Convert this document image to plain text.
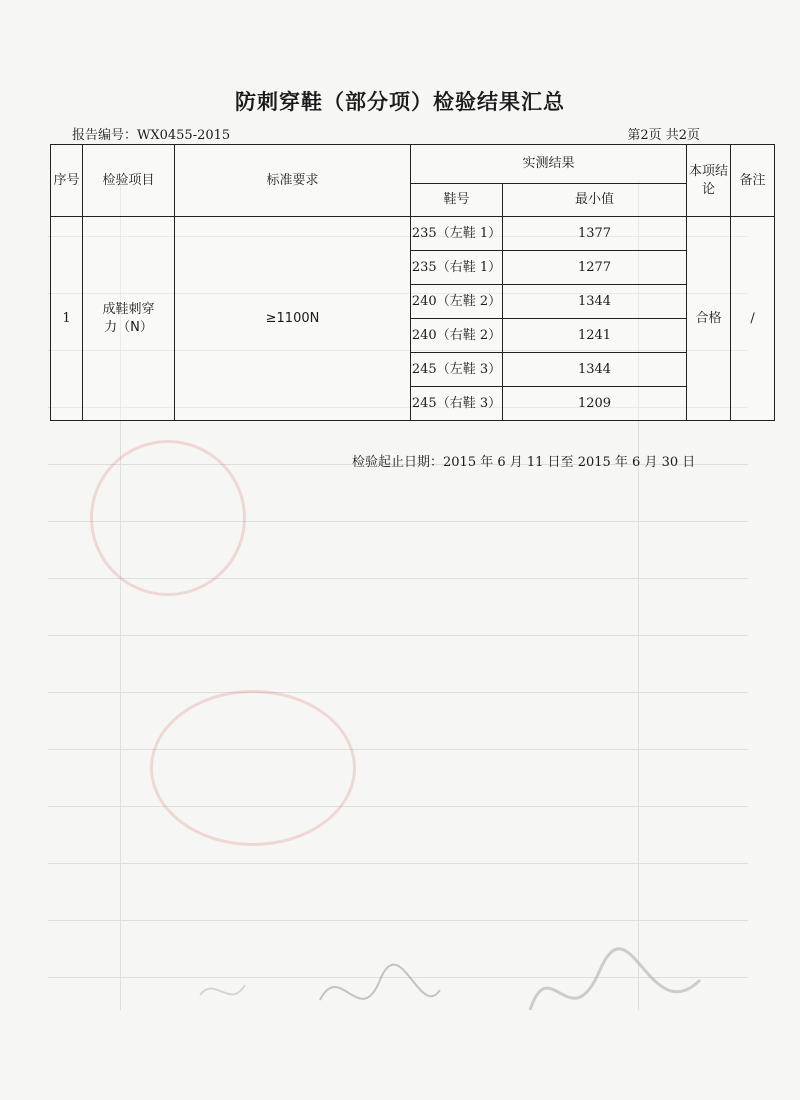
防刺穿鞋（部分项）检验结果汇总
报告编号：WX0455-2015	第2页 共2页
序号	检验项目	标准要求	实测结果		本项结论	备注
			鞋号	最小值		
1	成鞋刺穿力（N）	≥1100N	235（左鞋 1）	1377	合格	/
			235（右鞋 1）	1277		
			240（左鞋 2）	1344		
			240（右鞋 2）	1241		
			245（左鞋 3）	1344		
			245（右鞋 3）	1209		
检验起止日期：2015 年 6 月 11 日至 2015 年 6 月 30 日
